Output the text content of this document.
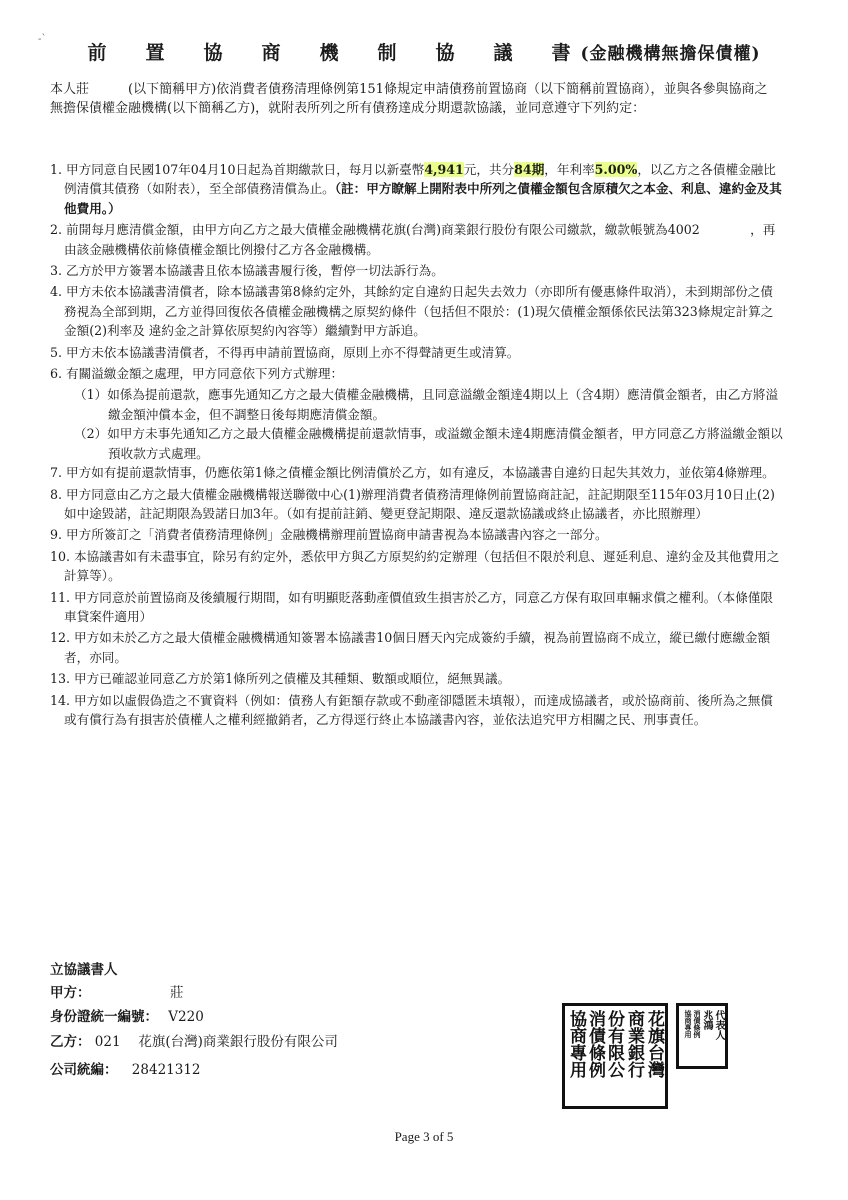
-`
前　置　協　商　機　制　協　議　書(金融機構無擔保債權)
本人莊　　　(以下簡稱甲方)依消費者債務清理條例第151條規定申請債務前置協商（以下簡稱前置協商），並與各參與協商之無擔保債權金融機構(以下簡稱乙方)，就附表所列之所有債務達成分期還款協議，並同意遵守下列約定：

1. 甲方同意自民國107年04月10日起為首期繳款日，每月以新臺幣4,941元，共分84期，年利率5.00%，以乙方之各債權金融比例清償其債務（如附表），至全部債務清償為止。（註：甲方瞭解上開附表中所列之債權金額包含原積欠之本金、利息、違約金及其他費用。）

2. 前開每月應清償金額，由甲方向乙方之最大債權金融機構花旗(台灣)商業銀行股份有限公司繳款，繳款帳號為4002　　　　，再由該金融機構依前條債權金額比例撥付乙方各金融機構。

3. 乙方於甲方簽署本協議書且依本協議書履行後，暫停一切法訴行為。

4. 甲方未依本協議書清償者，除本協議書第8條約定外，其餘約定自違約日起失去效力（亦即所有優惠條件取消），未到期部份之債務視為全部到期，乙方並得回復依各債權金融機構之原契約條件（包括但不限於：(1)現欠債權金額係依民法第323條規定計算之金額(2)利率及 違約金之計算依原契約內容等）繼續對甲方訴追。

5. 甲方未依本協議書清償者，不得再申請前置協商，原則上亦不得聲請更生或清算。

6. 有關溢繳金額之處理，甲方同意依下列方式辦理：

（1）如係為提前還款，應事先通知乙方之最大債權金融機構，且同意溢繳金額達4期以上（含4期）應清償金額者，由乙方將溢繳金額沖償本金，但不調整日後每期應清償金額。

（2）如甲方未事先通知乙方之最大債權金融機構提前還款情事，或溢繳金額未達4期應清償金額者，甲方同意乙方將溢繳金額以預收款方式處理。

7. 甲方如有提前還款情事，仍應依第1條之債權金額比例清償於乙方，如有違反，本協議書自違約日起失其效力，並依第4條辦理。

8. 甲方同意由乙方之最大債權金融機構報送聯徵中心(1)辦理消費者債務清理條例前置協商註記，註記期限至115年03月10日止(2)如中途毀諾，註記期限為毀諾日加3年。（如有提前註銷、變更登記期限、違反還款協議或終止協議者，亦比照辦理）

9. 甲方所簽訂之「消費者債務清理條例」金融機構辦理前置協商申請書視為本協議書內容之一部分。

10. 本協議書如有未盡事宜，除另有約定外，悉依甲方與乙方原契約約定辦理（包括但不限於利息、遲延利息、違約金及其他費用之計算等）。

11. 甲方同意於前置協商及後續履行期間，如有明顯貶落動產價值致生損害於乙方，同意乙方保有取回車輛求償之權利。（本條僅限車貸案件適用）

12. 甲方如未於乙方之最大債權金融機構通知簽署本協議書10個日曆天內完成簽約手續，視為前置協商不成立，縱已繳付應繳金額者，亦同。

13. 甲方已確認並同意乙方於第1條所列之債權及其種類、數額或順位，絕無異議。

14. 甲方如以虛假偽造之不實資料（例如：債務人有鉅額存款或不動產卻隱匿未填報），而達成協議者，或於協商前、後所為之無償或有償行為有損害於債權人之權利經撤銷者，乙方得逕行終止本協議書內容，並依法追究甲方相關之民、刑事責任。

立協議書人
甲方：	莊
身份證統一編號： V220
乙方： 021　 花旗(台灣)商業銀行股份有限公司
公司統編： 28421312	花旗台灣
商業銀行
份有限公
消債條例
協商專用	代表人
兆鴻
消債條例
協商專用
Page 3 of 5
